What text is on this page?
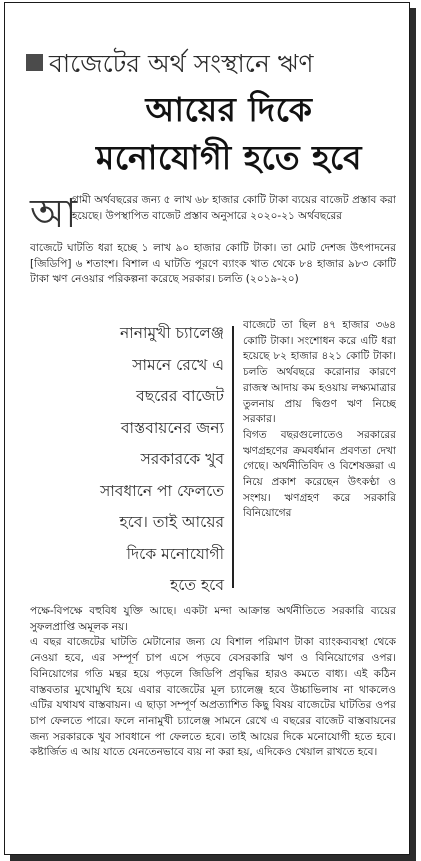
বাজেটের অর্থ সংস্থানে ঋণ
আয়ের দিকে
মনোযোগী হতে হবে
আ

গামী অর্থবছরের জন্য ৫ লাখ ৬৮ হাজার কোটি টাকা ব্যয়ের বাজেট প্রস্তাব করা হয়েছে। উপস্থাপিত বাজেট প্রস্তাব অনুসারে ২০২০-২১ অর্থবছরের

বাজেটে ঘাটতি ধরা হচ্ছে ১ লাখ ৯০ হাজার কোটি টাকা। তা মোট দেশজ উৎপাদনের [জিডিপি] ৬ শতাংশ। বিশাল এ ঘাটতি পূরণে ব্যাংক খাত থেকে ৮৪ হাজার ৯৮৩ কোটি টাকা ঋণ নেওয়ার পরিকল্পনা করেছে সরকার। চলতি (২০১৯-২০)

নানামুখী চ্যালেঞ্জ
সামনে রেখে এ
বছরের বাজেট
বাস্তবায়নের জন্য
সরকারকে খুব
সাবধানে পা ফেলতে
হবে। তাই আয়ের
দিকে মনোযোগী
হতে হবে

বাজেটে তা ছিল ৪৭ হাজার ৩৬৪ কোটি টাকা। সংশোধন করে এটি ধরা হয়েছে ৮২ হাজার ৪২১ কোটি টাকা। চলতি অর্থবছরে করোনার কারণে রাজস্ব আদায় কম হওয়ায় লক্ষ্যমাত্রার তুলনায় প্রায় দ্বিগুণ ঋণ নিচ্ছে সরকার।

বিগত বছরগুলোতেও সরকারের ঋণগ্রহণের ক্রমবর্ধমান প্রবণতা দেখা গেছে। অর্থনীতিবিদ ও বিশেষজ্ঞরা এ নিয়ে প্রকাশ করেছেন উৎকণ্ঠা ও সংশয়। ঋণগ্রহণ করে সরকারি বিনিয়োগের

পক্ষে-বিপক্ষে বহুবিধ যুক্তি আছে। একটা মন্দা আক্রান্ত অর্থনীতিতে সরকারি ব্যয়ের সুফলপ্রাপ্তি অমূলক নয়।

এ বছর বাজেটের ঘাটতি মেটানোর জন্য যে বিশাল পরিমাণ টাকা ব্যাংকব্যবস্থা থেকে নেওয়া হবে, এর সম্পূর্ণ চাপ এসে পড়বে বেসরকারি ঋণ ও বিনিয়োগের ওপর। বিনিয়োগের গতি মন্থর হয়ে পড়লে জিডিপি প্রবৃদ্ধির হারও কমতে বাধ্য। এই কঠিন বাস্তবতার মুখোমুখি হয়ে এবার বাজেটের মূল চ্যালেঞ্জ হবে উচ্চাভিলাষ না থাকলেও এটির যথাযথ বাস্তবায়ন। এ ছাড়া সম্পূর্ণ অপ্রত্যাশিত কিছু বিষয় বাজেটের ঘাটতির ওপর চাপ ফেলতে পারে। ফলে নানামুখী চ্যালেঞ্জ সামনে রেখে এ বছরের বাজেট বাস্তবায়নের জন্য সরকারকে খুব সাবধানে পা ফেলতে হবে। তাই আয়ের দিকে মনোযোগী হতে হবে। কষ্টার্জিত এ আয় যাতে যেনতেনভাবে ব্যয় না করা হয়, এদিকেও খেয়াল রাখতে হবে।
